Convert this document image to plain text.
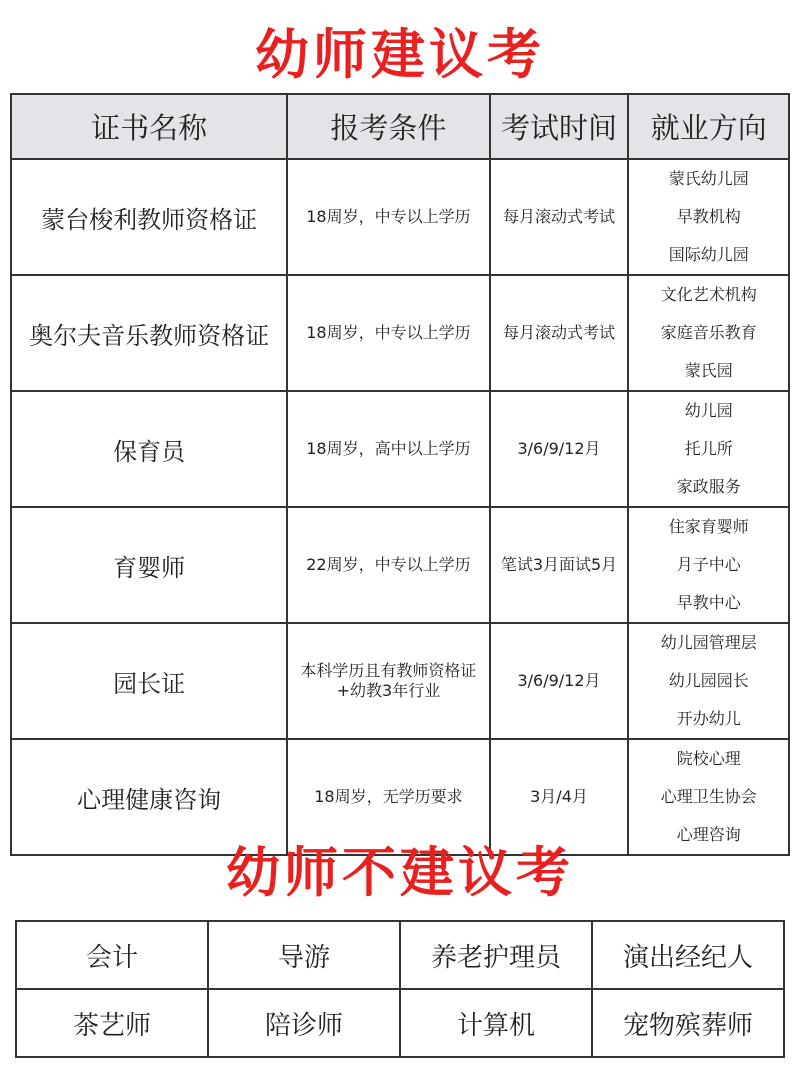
幼师建议考
证书名称	报考条件	考试时间	就业方向
蒙台梭利教师资格证	18周岁，中专以上学历	每月滚动式考试	蒙氏幼儿园
早教机构
国际幼儿园

奥尔夫音乐教师资格证	18周岁，中专以上学历	每月滚动式考试	文化艺术机构
家庭音乐教育
蒙氏园

保育员	18周岁，高中以上学历	3/6/9/12月	幼儿园
托儿所
家政服务

育婴师	22周岁，中专以上学历	笔试3月面试5月	住家育婴师
月子中心
早教中心

园长证	本科学历且有教师资格证+幼教3年行业	3/6/9/12月	幼儿园管理层
幼儿园园长
开办幼儿

心理健康咨询	18周岁，无学历要求	3月/4月	院校心理
心理卫生协会
心理咨询
幼师不建议考
会计	导游	养老护理员	演出经纪人
茶艺师	陪诊师	计算机	宠物殡葬师
